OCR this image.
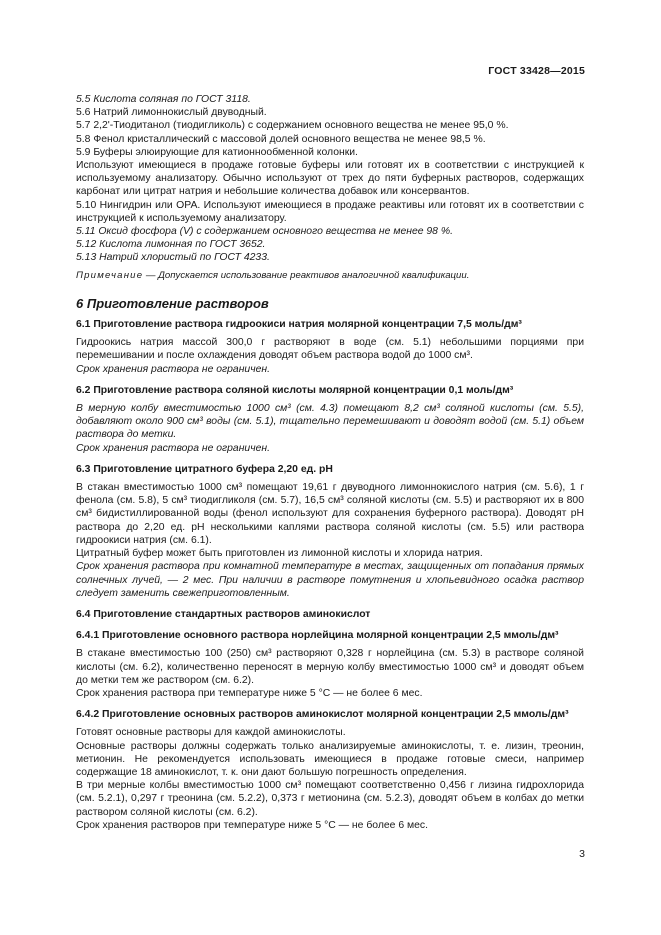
ГОСТ 33428—2015

5.5 Кислота соляная по ГОСТ 3118.

5.6 Натрий лимоннокислый двуводный.

5.7 2,2'-Тиодитанол (тиодигликоль) с содержанием основного вещества не менее 95,0 %.

5.8 Фенол кристаллический с массовой долей основного вещества не менее 98,5 %.

5.9 Буферы элюирующие для катионнообменной колонки.

Используют имеющиеся в продаже готовые буферы или готовят их в соответствии с инструкцией к используемому анализатору. Обычно используют от трех до пяти буферных растворов, содержащих карбонат или цитрат натрия и небольшие количества добавок или консервантов.

5.10 Нингидрин или ОРА. Используют имеющиеся в продаже реактивы или готовят их в соответствии с инструкцией к используемому анализатору.

5.11 Оксид фосфора (V) с содержанием основного вещества не менее 98 %.

5.12 Кислота лимонная по ГОСТ 3652.

5.13 Натрий хлористый по ГОСТ 4233.

Примечание — Допускается использование реактивов аналогичной квалификации.

6 Приготовление растворов

6.1 Приготовление раствора гидроокиси натрия молярной концентрации 7,5 моль/дм³

Гидроокись натрия массой 300,0 г растворяют в воде (см. 5.1) небольшими порциями при перемешивании и после охлаждения доводят объем раствора водой до 1000 см³.

Срок хранения раствора не ограничен.

6.2 Приготовление раствора соляной кислоты молярной концентрации 0,1 моль/дм³

В мерную колбу вместимостью 1000 см³ (см. 4.3) помещают 8,2 см³ соляной кислоты (см. 5.5), добавляют около 900 см³ воды (см. 5.1), тщательно перемешивают и доводят водой (см. 5.1) объем раствора до метки.

Срок хранения раствора не ограничен.

6.3 Приготовление цитратного буфера 2,20 ед. pH

В стакан вместимостью 1000 см³ помещают 19,61 г двуводного лимоннокислого натрия (см. 5.6), 1 г фенола (см. 5.8), 5 см³ тиодигликоля (см. 5.7), 16,5 см³ соляной кислоты (см. 5.5) и растворяют их в 800 см³ бидистиллированной воды (фенол используют для сохранения буферного раствора). Доводят pH раствора до 2,20 ед. pH несколькими каплями раствора соляной кислоты (см. 5.5) или раствора гидроокиси натрия (см. 6.1).

Цитратный буфер может быть приготовлен из лимонной кислоты и хлорида натрия.

Срок хранения раствора при комнатной температуре в местах, защищенных от попадания прямых солнечных лучей, — 2 мес. При наличии в растворе помутнения и хлопьевидного осадка раствор следует заменить свежеприготовленным.

6.4 Приготовление стандартных растворов аминокислот

6.4.1 Приготовление основного раствора норлейцина молярной концентрации 2,5 ммоль/дм³

В стакане вместимостью 100 (250) см³ растворяют 0,328 г норлейцина (см. 5.3) в растворе соляной кислоты (см. 6.2), количественно переносят в мерную колбу вместимостью 1000 см³ и доводят объем до метки тем же раствором (см. 6.2).

Срок хранения раствора при температуре ниже 5 °С — не более 6 мес.

6.4.2 Приготовление основных растворов аминокислот молярной концентрации 2,5 ммоль/дм³

Готовят основные растворы для каждой аминокислоты.

Основные растворы должны содержать только анализируемые аминокислоты, т. е. лизин, треонин, метионин. Не рекомендуется использовать имеющиеся в продаже готовые смеси, например содержащие 18 аминокислот, т. к. они дают большую погрешность определения.

В три мерные колбы вместимостью 1000 см³ помещают соответственно 0,456 г лизина гидрохлорида (см. 5.2.1), 0,297 г треонина (см. 5.2.2), 0,373 г метионина (см. 5.2.3), доводят объем в колбах до метки раствором соляной кислоты (см. 6.2).

Срок хранения растворов при температуре ниже 5 °С — не более 6 мес.

3
